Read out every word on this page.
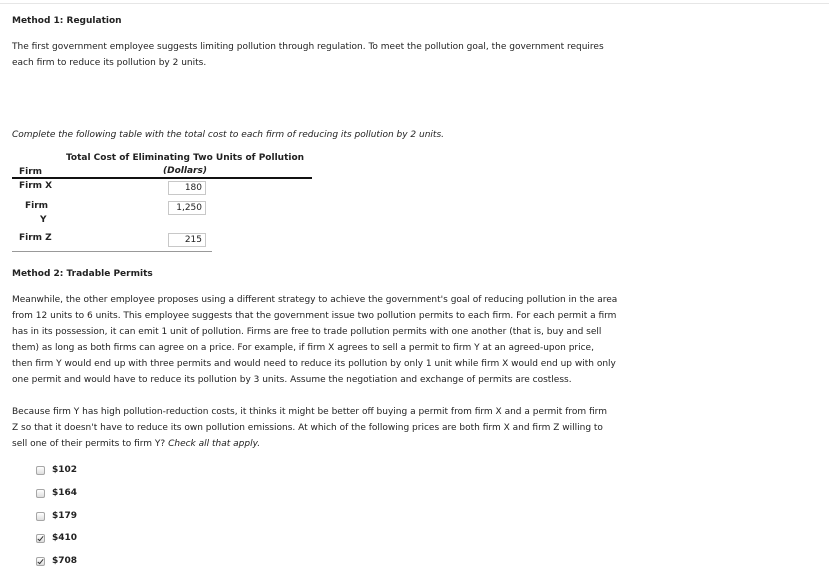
Method 1: Regulation
The first government employee suggests limiting pollution through regulation. To meet the pollution goal, the government requires
each firm to reduce its pollution by 2 units.
Complete the following table with the total cost to each firm of reducing its pollution by 2 units.
Total Cost of Eliminating Two Units of Pollution
(Dollars)
Firm
Firm X	180
Firm
Y
1,250
Firm Z	215
Method 2: Tradable Permits
Meanwhile, the other employee proposes using a different strategy to achieve the government's goal of reducing pollution in the area
from 12 units to 6 units. This employee suggests that the government issue two pollution permits to each firm. For each permit a firm
has in its possession, it can emit 1 unit of pollution. Firms are free to trade pollution permits with one another (that is, buy and sell
them) as long as both firms can agree on a price. For example, if firm X agrees to sell a permit to firm Y at an agreed-upon price,
then firm Y would end up with three permits and would need to reduce its pollution by only 1 unit while firm X would end up with only
one permit and would have to reduce its pollution by 3 units. Assume the negotiation and exchange of permits are costless.
Because firm Y has high pollution-reduction costs, it thinks it might be better off buying a permit from firm X and a permit from firm
Z so that it doesn't have to reduce its own pollution emissions. At which of the following prices are both firm X and firm Z willing to
sell one of their permits to firm Y? Check all that apply.
$102
$164
$179
$410
$708
